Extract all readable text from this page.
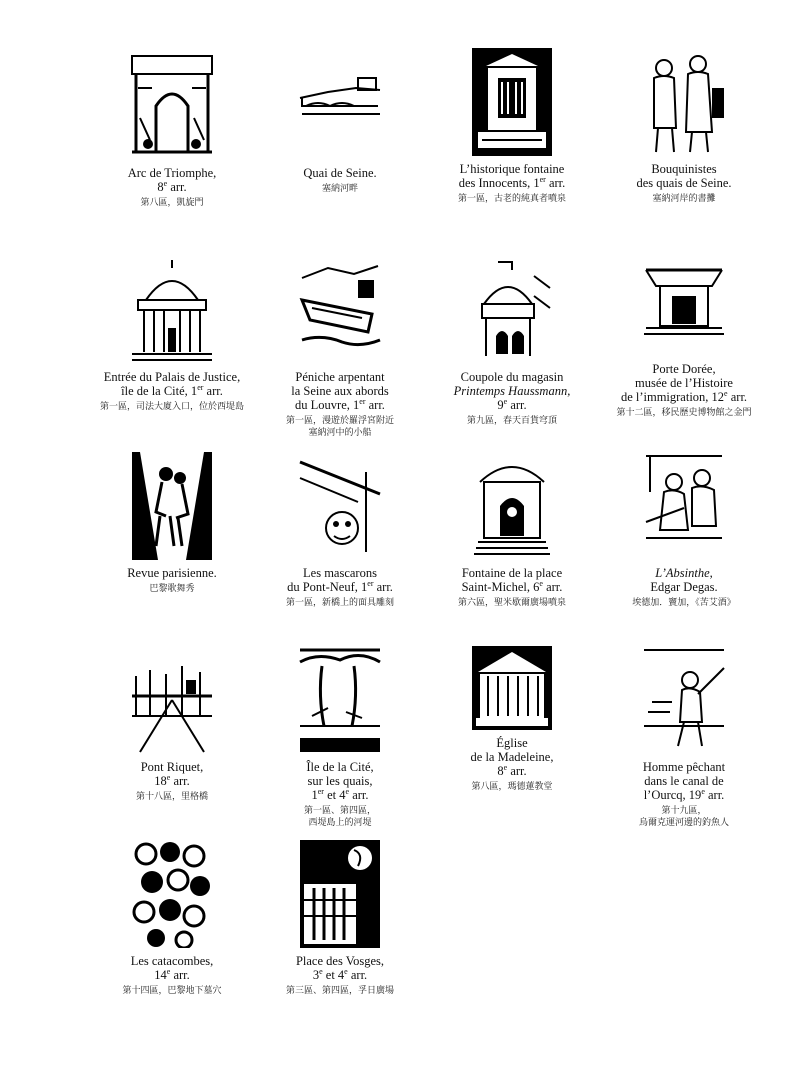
Arc de Triomphe,
8e arr.
第八區，凱旋門
Quai de Seine.
塞納河畔
L’historique fontaine
des Innocents, 1er arr.
第一區，古老的純真者噴泉
Bouquinistes
des quais de Seine.
塞納河岸的書攤
Entrée du Palais de Justice,
île de la Cité, 1er arr.
第一區，司法大廈入口，位於西堤島
Péniche arpentant
la Seine aux abords
du Louvre, 1er arr.
第一區，漫遊於羅浮宮附近
塞納河中的小船
Coupole du magasin
Printemps Haussmann,
9e arr.
第九區，春天百貨穹頂
Porte Dorée,
musée de l’Histoire
de l’immigration, 12e arr.
第十二區，移民歷史博物館之金門
Revue parisienne.
巴黎歌舞秀
Les mascarons
du Pont-Neuf, 1er arr.
第一區，新橋上的面具雕刻
Fontaine de la place
Saint-Michel, 6e arr.
第六區，聖米歇爾廣場噴泉
L’Absinthe,
Edgar Degas.
埃德加．竇加，《苦艾酒》
Pont Riquet,
18e arr.
第十八區，里格橋
Île de la Cité,
sur les quais,
1er et 4e arr.
第一區、第四區，
西堤島上的河堤
Église
de la Madeleine,
8e arr.
第八區，瑪德蓮教堂
Homme pêchant
dans le canal de
l’Ourcq, 19e arr.
第十九區，
烏爾克運河邊的釣魚人
Les catacombes,
14e arr.
第十四區，巴黎地下墓穴
Place des Vosges,
3e et 4e arr.
第三區、第四區，孚日廣場
